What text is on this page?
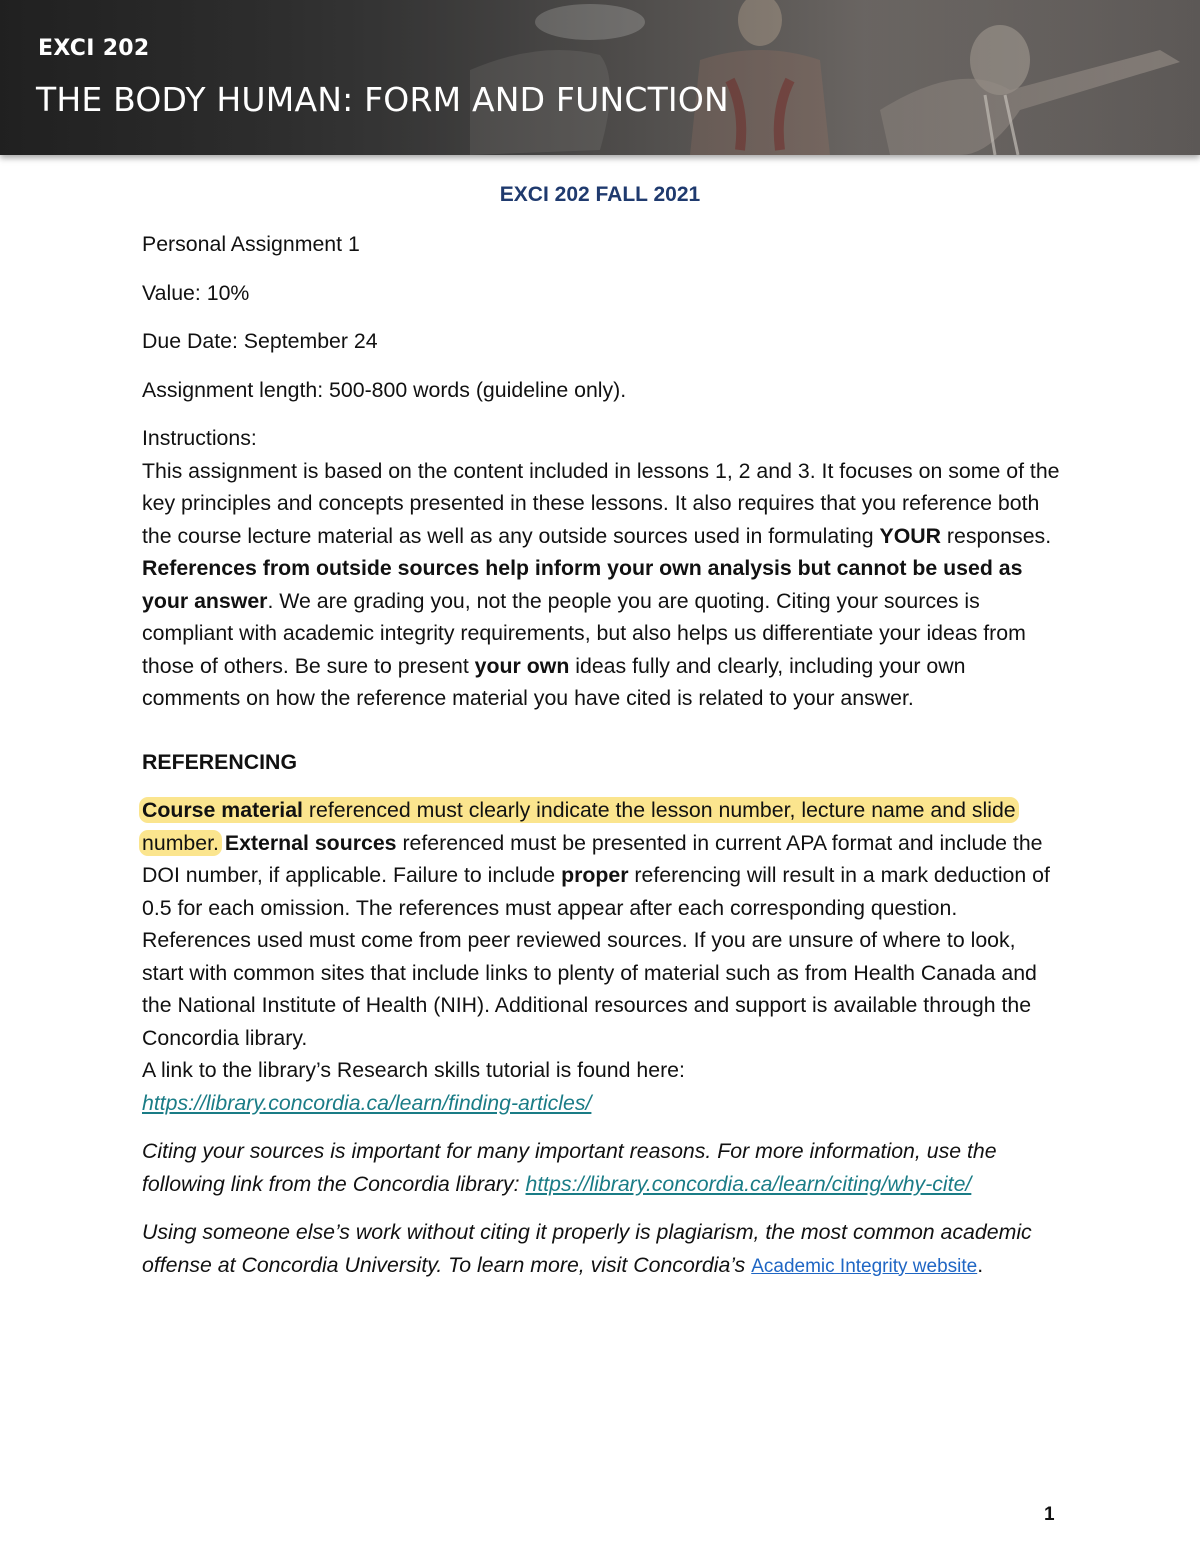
EXCI 202
THE BODY HUMAN: FORM AND FUNCTION
EXCI 202 FALL 2021

Personal Assignment 1

Value: 10%

Due Date: September 24

Assignment length: 500-800 words (guideline only).

Instructions:

This assignment is based on the content included in lessons 1, 2 and 3. It focuses on some of the key principles and concepts presented in these lessons. It also requires that you reference both the course lecture material as well as any outside sources used in formulating YOUR responses. References from outside sources help inform your own analysis but cannot be used as your answer. We are grading you, not the people you are quoting. Citing your sources is compliant with academic integrity requirements, but also helps us differentiate your ideas from those of others. Be sure to present your own ideas fully and clearly, including your own comments on how the reference material you have cited is related to your answer.

REFERENCING

Course material referenced must clearly indicate the lesson number, lecture name and slide number. External sources referenced must be presented in current APA format and include the DOI number, if applicable. Failure to include proper referencing will result in a mark deduction of 0.5 for each omission. The references must appear after each corresponding question.

References used must come from peer reviewed sources. If you are unsure of where to look, start with common sites that include links to plenty of material such as from Health Canada and the National Institute of Health (NIH). Additional resources and support is available through the Concordia library.

A link to the library’s Research skills tutorial is found here:

https://library.concordia.ca/learn/finding-articles/

Citing your sources is important for many important reasons. For more information, use the following link from the Concordia library: https://library.concordia.ca/learn/citing/why-cite/

Using someone else’s work without citing it properly is plagiarism, the most common academic offense at Concordia University. To learn more, visit Concordia’s Academic Integrity website.

1
